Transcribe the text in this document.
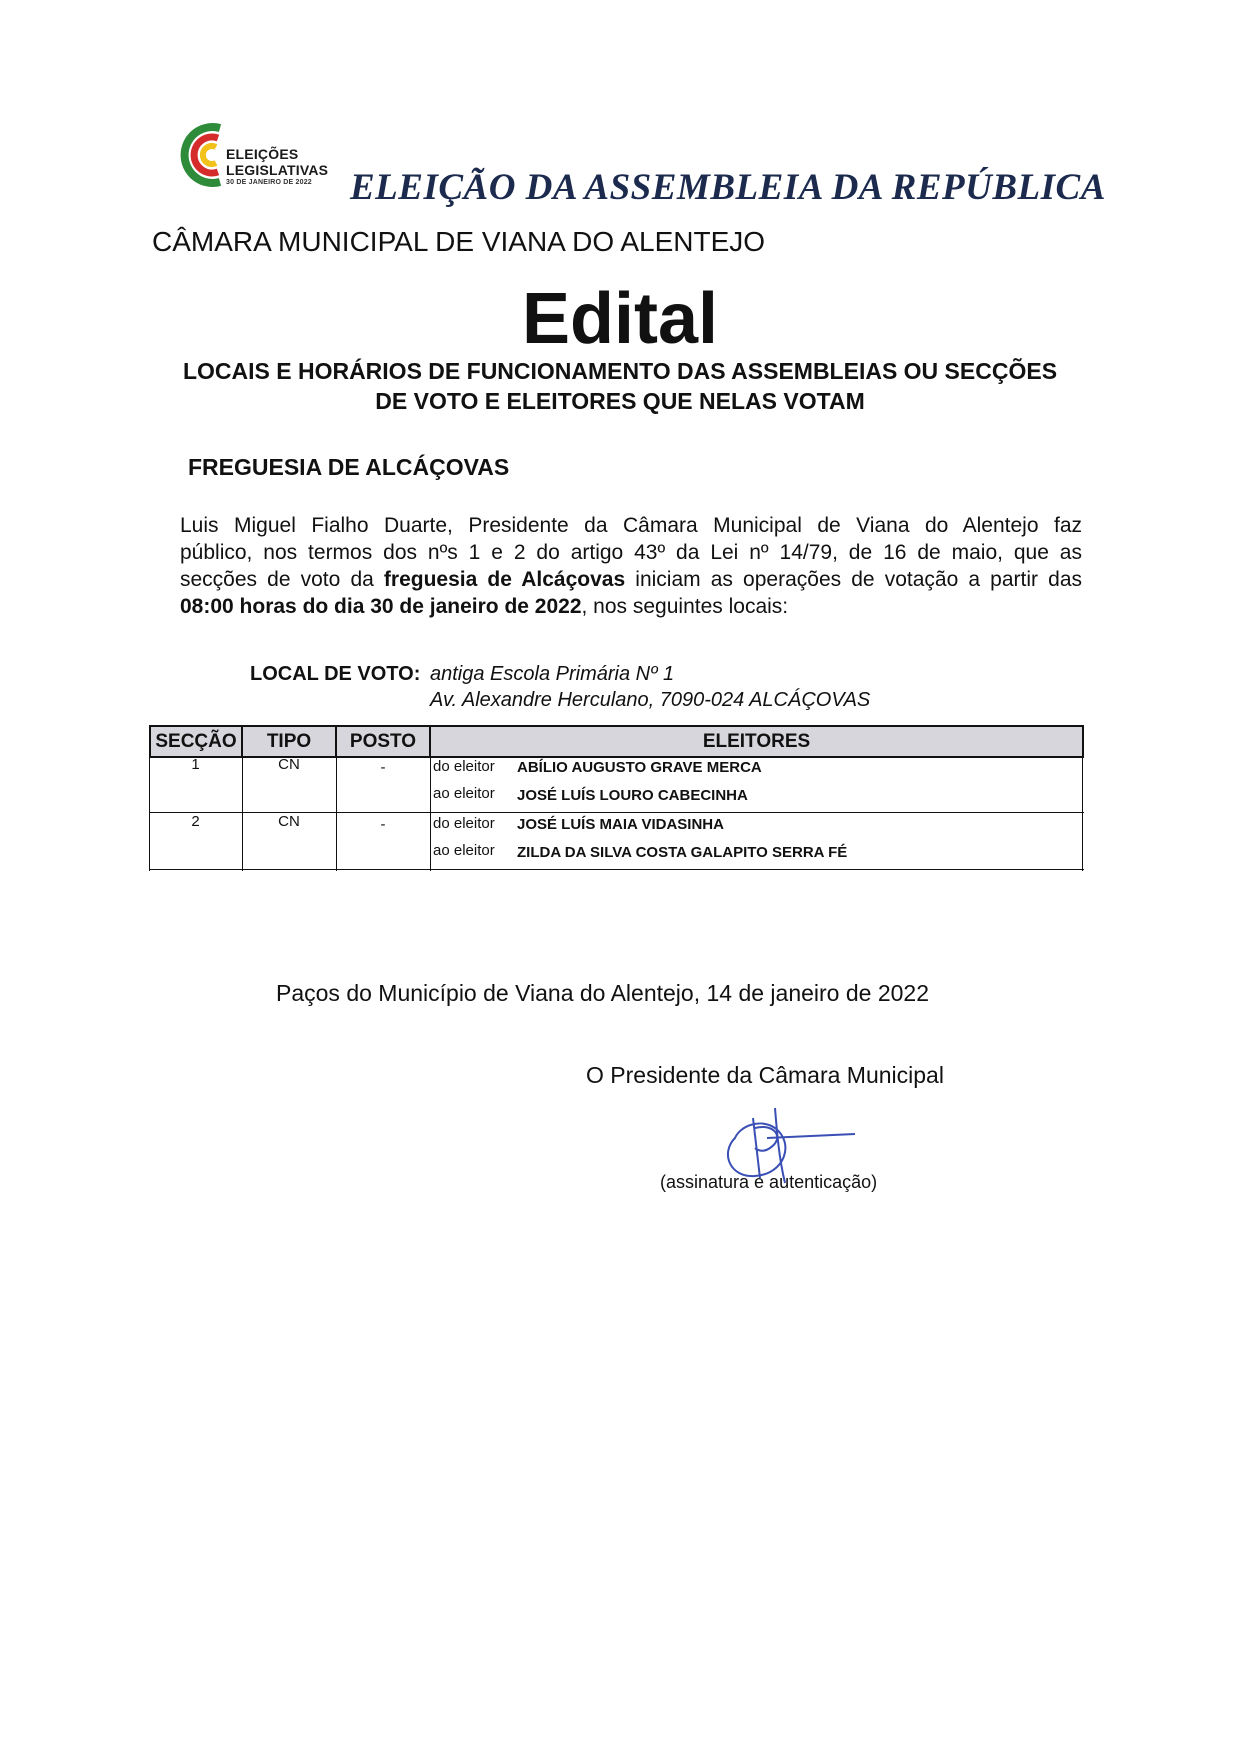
ELEIÇÕES
LEGISLATIVAS
30 DE JANEIRO DE 2022	ELEIÇÃO DA ASSEMBLEIA DA REPÚBLICA
CÂMARA MUNICIPAL DE VIANA DO ALENTEJO
Edital
LOCAIS E HORÁRIOS DE FUNCIONAMENTO DAS ASSEMBLEIAS OU SECÇÕES
DE VOTO E ELEITORES QUE NELAS VOTAM
FREGUESIA DE ALCÁÇOVAS
Luis Miguel Fialho Duarte, Presidente da Câmara Municipal de Viana do Alentejo faz
público, nos termos dos nºs 1 e 2 do artigo 43º da Lei nº 14/79, de 16 de maio, que as
secções de voto da freguesia de Alcáçovas iniciam as operações de votação a partir das
08:00 horas do dia 30 de janeiro de 2022, nos seguintes locais:
LOCAL DE VOTO: antiga Escola Primária Nº 1
Av. Alexandre Herculano, 7090-024 ALCÁÇOVAS
SECÇÃO	TIPO	POSTO	ELEITORES
1	CN	-	do eleitor ABÍLIO AUGUSTO GRAVE MERCA
ao eleitor JOSÉ LUÍS LOURO CABECINHA
2	CN	-	do eleitor JOSÉ LUÍS MAIA VIDASINHA
ao eleitor ZILDA DA SILVA COSTA GALAPITO SERRA FÉ
Paços do Município de Viana do Alentejo, 14 de janeiro de 2022
O Presidente da Câmara Municipal
(assinatura e autenticação)
